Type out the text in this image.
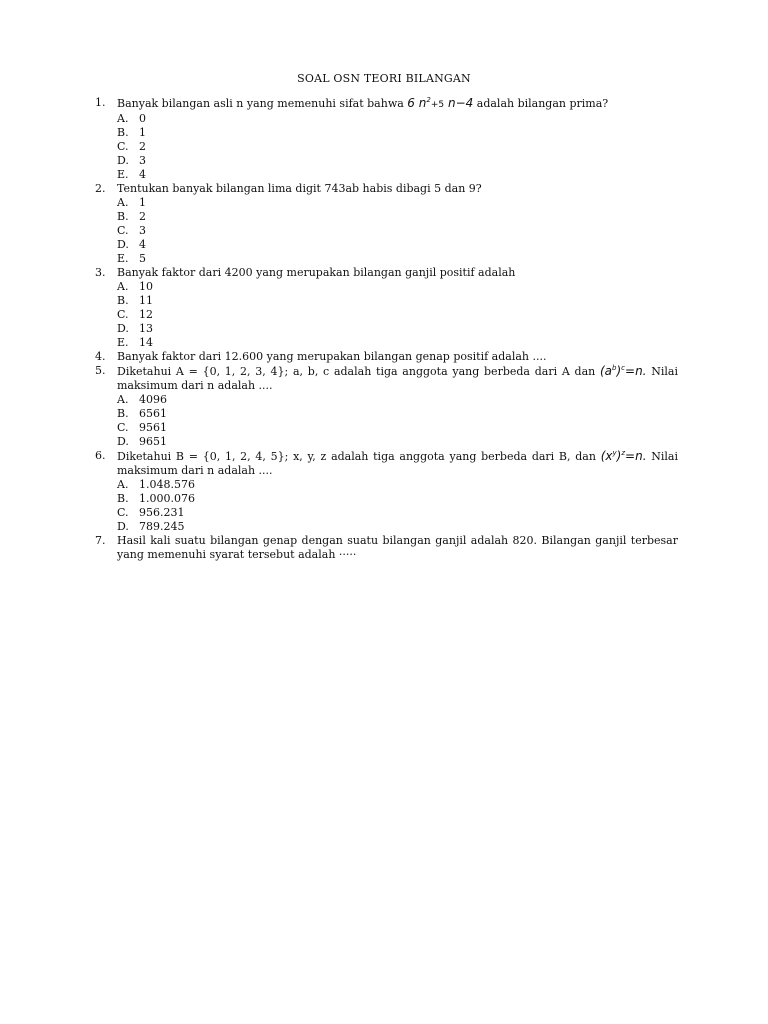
SOAL OSN TEORI BILANGAN
1. Banyak bilangan asli n yang memenuhi sifat bahwa 6 $n^2+5$ n−4 adalah bilangan prima?
A. 0
B. 1
C. 2
D. 3
E. 4
2. Tentukan banyak bilangan lima digit 743ab habis dibagi 5 dan 9?
A. 1
B. 2
C. 3
D. 4
E. 5
3. Banyak faktor dari 4200 yang merupakan bilangan ganjil positif adalah
A. 10
B. 11
C. 12
D. 13
E. 14
4. Banyak faktor dari 12.600 yang merupakan bilangan genap positif adalah ....
5. Diketahui A = {0, 1, 2, 3, 4}; a, b, c adalah tiga anggota yang berbeda dari A dan $(a^b)^c=n$. Nilai maksimum dari n adalah ....
A. 4096
B. 6561
C. 9561
D. 9651
6. Diketahui B = {0, 1, 2, 4, 5}; x, y, z adalah tiga anggota yang berbeda dari B, dan $(x^y)^z=n$. Nilai maksimum dari n adalah ....
A. 1.048.576
B. 1.000.076
C. 956.231
D. 789.245
7. Hasil kali suatu bilangan genap dengan suatu bilangan ganjil adalah 820. Bilangan ganjil terbesar yang memenuhi syarat tersebut adalah ·····
